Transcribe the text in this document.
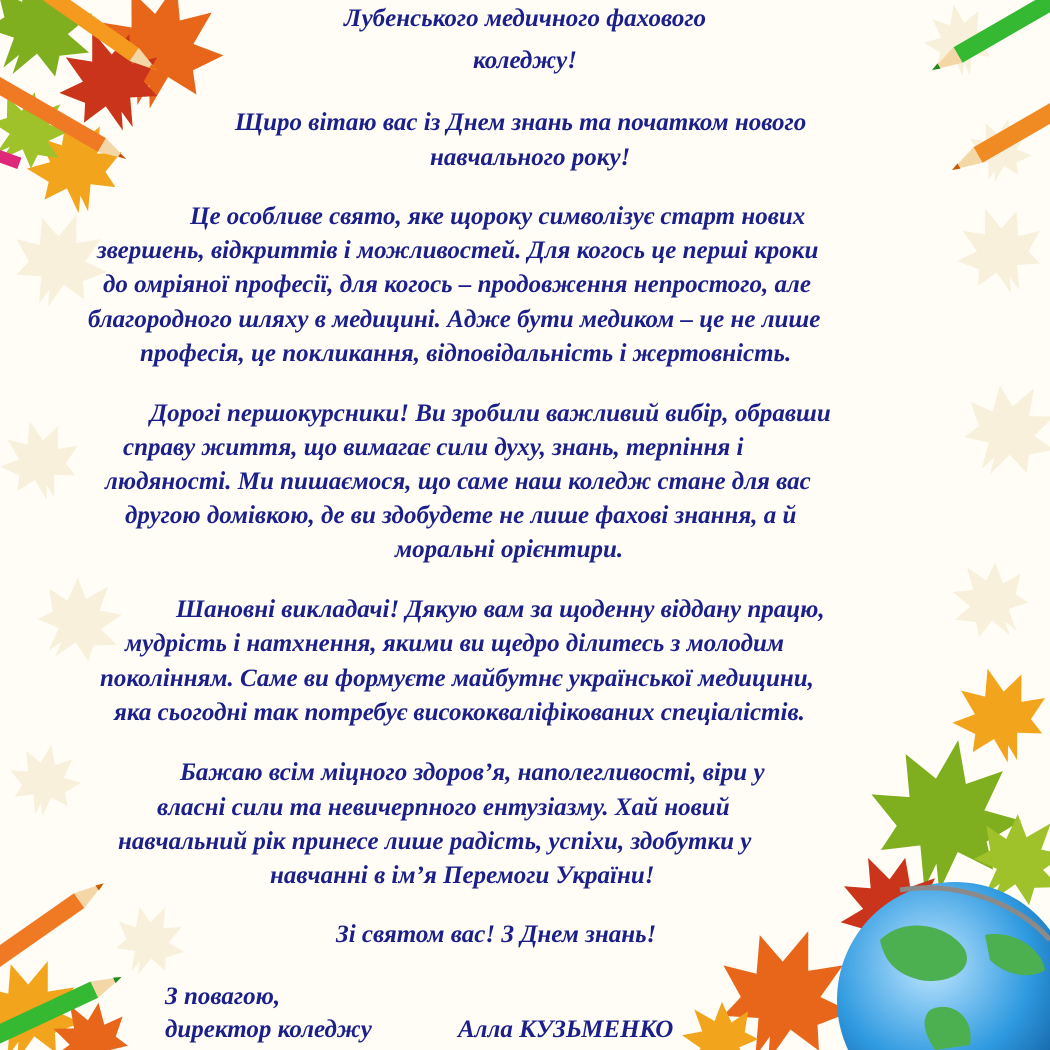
Лубенського медичного фахового
коледжу!
Щиро вітаю вас із Днем знань та початком нового
навчального року!
Це особливе свято, яке щороку символізує старт нових
звершень, відкриттів і можливостей. Для когось це перші кроки
до омріяної професії, для когось – продовження непростого, але
благородного шляху в медицині. Адже бути медиком – це не лише
професія, це покликання, відповідальність і жертовність.
Дорогі першокурсники! Ви зробили важливий вибір, обравши
справу життя, що вимагає сили духу, знань, терпіння і
людяності. Ми пишаємося, що саме наш коледж стане для вас
другою домівкою, де ви здобудете не лише фахові знання, а й
моральні орієнтири.
Шановні викладачі! Дякую вам за щоденну віддану працю,
мудрість і натхнення, якими ви щедро ділитесь з молодим
поколінням. Саме ви формуєте майбутнє української медицини,
яка сьогодні так потребує висококваліфікованих спеціалістів.
Бажаю всім міцного здоров’я, наполегливості, віри у
власні сили та невичерпного ентузіазму. Хай новий
навчальний рік принесе лише радість, успіхи, здобутки у
навчанні в ім’я Перемоги України!
Зі святом вас! З Днем знань!
З повагою,
директор коледжу	Алла КУЗЬМЕНКО
